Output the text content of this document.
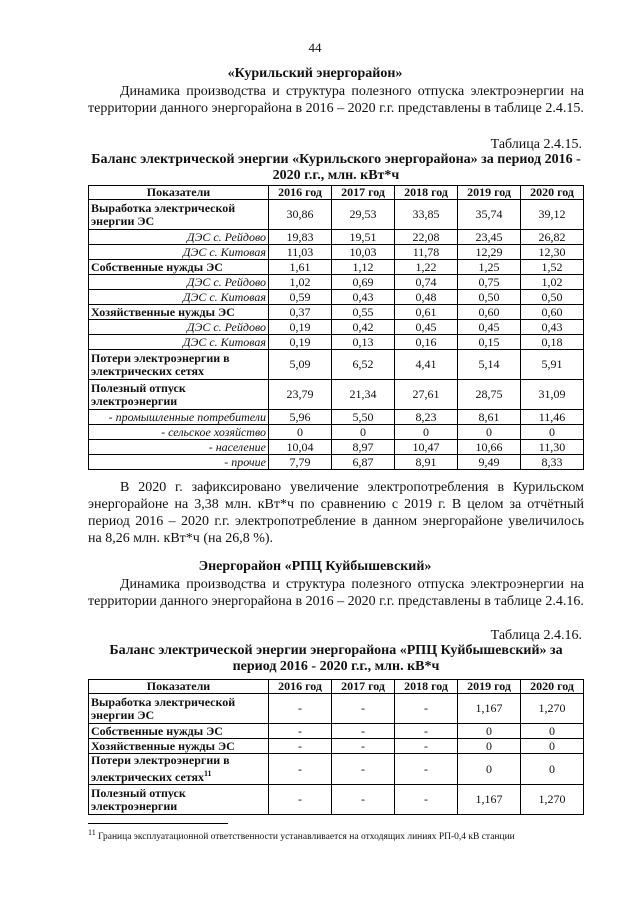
44
«Курильский энергорайон»
Динамика производства и структура полезного отпуска электроэнергии на территории данного энергорайона в 2016 – 2020 г.г. представлены в таблице 2.4.15.
Таблица 2.4.15.
Баланс электрической энергии «Курильского энергорайона» за период 2016 - 2020 г.г., млн. кВт*ч
Показатели	2016 год	2017 год	2018 год	2019 год	2020 год
Выработка электрической энергии ЭС	30,86	29,53	33,85	35,74	39,12
ДЭС с. Рейдово	19,83	19,51	22,08	23,45	26,82
ДЭС с. Китовая	11,03	10,03	11,78	12,29	12,30
Собственные нужды ЭС	1,61	1,12	1,22	1,25	1,52
ДЭС с. Рейдово	1,02	0,69	0,74	0,75	1,02
ДЭС с. Китовая	0,59	0,43	0,48	0,50	0,50
Хозяйственные нужды ЭС	0,37	0,55	0,61	0,60	0,60
ДЭС с. Рейдово	0,19	0,42	0,45	0,45	0,43
ДЭС с. Китовая	0,19	0,13	0,16	0,15	0,18
Потери электроэнергии в электрических сетях	5,09	6,52	4,41	5,14	5,91
Полезный отпуск электроэнергии	23,79	21,34	27,61	28,75	31,09
- промышленные потребители	5,96	5,50	8,23	8,61	11,46
- сельское хозяйство	0	0	0	0	0
- население	10,04	8,97	10,47	10,66	11,30
- прочие	7,79	6,87	8,91	9,49	8,33
В 2020 г. зафиксировано увеличение электропотребления в Курильском энергорайоне на 3,38 млн. кВт*ч по сравнению с 2019 г. В целом за отчётный период 2016 – 2020 г.г. электропотребление в данном энергорайоне увеличилось на 8,26 млн. кВт*ч (на 26,8 %).
Энергорайон «РПЦ Куйбышевский»
Динамика производства и структура полезного отпуска электроэнергии на территории данного энергорайона в 2016 – 2020 г.г. представлены в таблице 2.4.16.
Таблица 2.4.16.
Баланс электрической энергии энергорайона «РПЦ Куйбышевский» за период 2016 - 2020 г.г., млн. кВ*ч
Показатели	2016 год	2017 год	2018 год	2019 год	2020 год
Выработка электрической энергии ЭС	-	-	-	1,167	1,270
Собственные нужды ЭС	-	-	-	0	0
Хозяйственные нужды ЭС	-	-	-	0	0
Потери электроэнергии в электрических сетях$^{11}$	-	-	-	0	0
Полезный отпуск электроэнергии	-	-	-	1,167	1,270
$^{11}$ Граница эксплуатационной ответственности устанавливается на отходящих линиях РП-0,4 кВ станции
